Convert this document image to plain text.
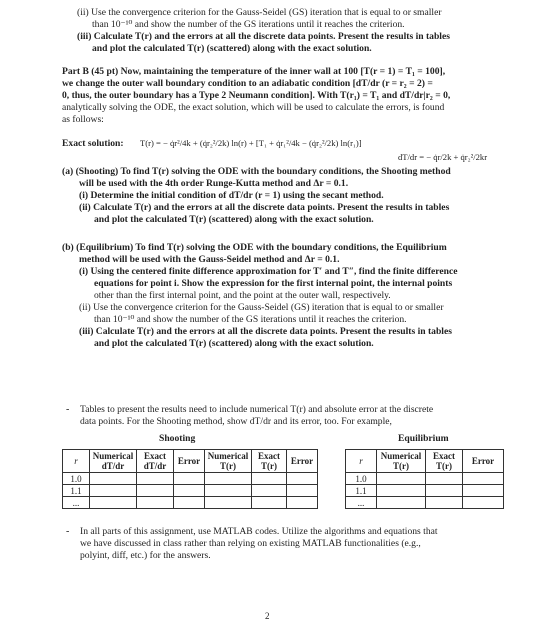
(ii) Use the convergence criterion for the Gauss-Seidel (GS) iteration that is equal to or smaller
than 10⁻¹⁰ and show the number of the GS iterations until it reaches the criterion.
(iii) Calculate T(r) and the errors at all the discrete data points. Present the results in tables
and plot the calculated T(r) (scattered) along with the exact solution.
Part B (45 pt) Now, maintaining the temperature of the inner wall at 100 [T(r = 1) = T₁ = 100],
we change the outer wall boundary condition to an adiabatic condition [dT/dr (r = r₂ = 2) =
0, thus, the outer boundary has a Type 2 Neumann condition]. With T(r₁) = T₁ and dT/dr|r₂ = 0,
analytically solving the ODE, the exact solution, which will be used to calculate the errors, is found
as follows:
Exact solution: T(r) = − q̇r²/4k + (q̇r₂²/2k) ln(r) + [T₁ + q̇r₁²/4k − (q̇r₂²/2k) ln(r₁)]
dT/dr = − q̇r/2k + q̇r₂²/2kr
(a) (Shooting) To find T(r) solving the ODE with the boundary conditions, the Shooting method
will be used with the 4th order Runge-Kutta method and Δr = 0.1.
(i) Determine the initial condition of dT/dr (r = 1) using the secant method.
(ii) Calculate T(r) and the errors at all the discrete data points. Present the results in tables
and plot the calculated T(r) (scattered) along with the exact solution.
(b) (Equilibrium) To find T(r) solving the ODE with the boundary conditions, the Equilibrium
method will be used with the Gauss-Seidel method and Δr = 0.1.
(i) Using the centered finite difference approximation for T′ and T″, find the finite difference
equations for point i. Show the expression for the first internal point, the internal points
other than the first internal point, and the point at the outer wall, respectively.
(ii) Use the convergence criterion for the Gauss-Seidel (GS) iteration that is equal to or smaller
than 10⁻¹⁰ and show the number of the GS iterations until it reaches the criterion.
(iii) Calculate T(r) and the errors at all the discrete data points. Present the results in tables
and plot the calculated T(r) (scattered) along with the exact solution.
- Tables to present the results need to include numerical T(r) and absolute error at the discrete
data points. For the Shooting method, show dT/dr and its error, too. For example,
Shooting	Equilibrium
r	Numerical dT/dr	Exact dT/dr	Error	Numerical T(r)	Exact T(r)	Error
1.0						
1.1						
...						
r	Numerical T(r)	Exact T(r)	Error
1.0			
1.1			
...			
- In all parts of this assignment, use MATLAB codes. Utilize the algorithms and equations that
we have discussed in class rather than relying on existing MATLAB functionalities (e.g.,
polyint, diff, etc.) for the answers.
2
